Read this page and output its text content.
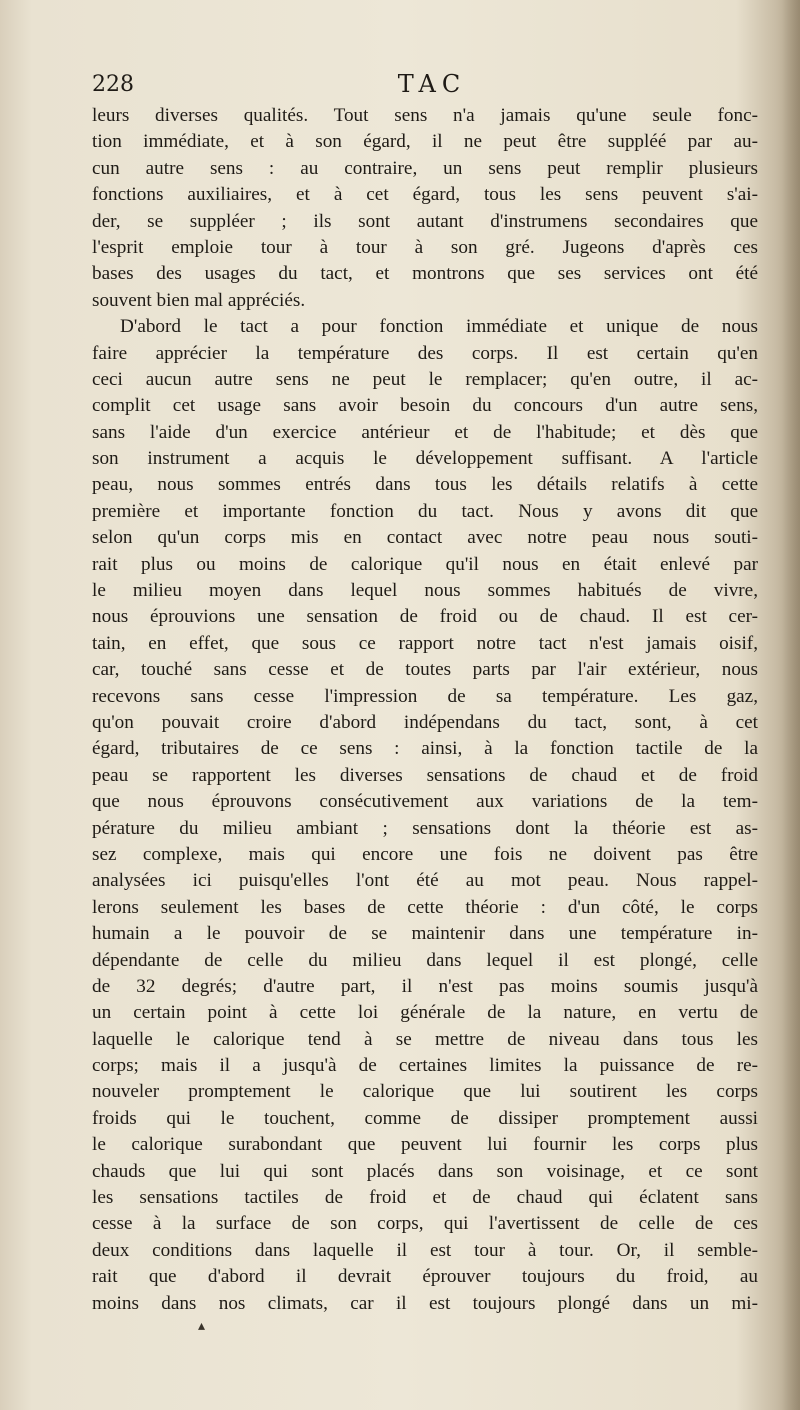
228	TAC
leurs diverses qualités. Tout sens n'a jamais qu'une seule fonc-
tion immédiate, et à son égard, il ne peut être suppléé par au-
cun autre sens : au contraire, un sens peut remplir plusieurs
fonctions auxiliaires, et à cet égard, tous les sens peuvent s'ai-
der, se suppléer ; ils sont autant d'instrumens secondaires que
l'esprit emploie tour à tour à son gré. Jugeons d'après ces
bases des usages du tact, et montrons que ses services ont été
souvent bien mal appréciés.
D'abord le tact a pour fonction immédiate et unique de nous
faire apprécier la température des corps. Il est certain qu'en
ceci aucun autre sens ne peut le remplacer; qu'en outre, il ac-
complit cet usage sans avoir besoin du concours d'un autre sens,
sans l'aide d'un exercice antérieur et de l'habitude; et dès que
son instrument a acquis le développement suffisant. A l'article
peau, nous sommes entrés dans tous les détails relatifs à cette
première et importante fonction du tact. Nous y avons dit que
selon qu'un corps mis en contact avec notre peau nous souti-
rait plus ou moins de calorique qu'il nous en était enlevé par
le milieu moyen dans lequel nous sommes habitués de vivre,
nous éprouvions une sensation de froid ou de chaud. Il est cer-
tain, en effet, que sous ce rapport notre tact n'est jamais oisif,
car, touché sans cesse et de toutes parts par l'air extérieur, nous
recevons sans cesse l'impression de sa température. Les gaz,
qu'on pouvait croire d'abord indépendans du tact, sont, à cet
égard, tributaires de ce sens : ainsi, à la fonction tactile de la
peau se rapportent les diverses sensations de chaud et de froid
que nous éprouvons consécutivement aux variations de la tem-
pérature du milieu ambiant ; sensations dont la théorie est as-
sez complexe, mais qui encore une fois ne doivent pas être
analysées ici puisqu'elles l'ont été au mot peau. Nous rappel-
lerons seulement les bases de cette théorie : d'un côté, le corps
humain a le pouvoir de se maintenir dans une température in-
dépendante de celle du milieu dans lequel il est plongé, celle
de 32 degrés; d'autre part, il n'est pas moins soumis jusqu'à
un certain point à cette loi générale de la nature, en vertu de
laquelle le calorique tend à se mettre de niveau dans tous les
corps; mais il a jusqu'à de certaines limites la puissance de re-
nouveler promptement le calorique que lui soutirent les corps
froids qui le touchent, comme de dissiper promptement aussi
le calorique surabondant que peuvent lui fournir les corps plus
chauds que lui qui sont placés dans son voisinage, et ce sont
les sensations tactiles de froid et de chaud qui éclatent sans
cesse à la surface de son corps, qui l'avertissent de celle de ces
deux conditions dans laquelle il est tour à tour. Or, il semble-
rait que d'abord il devrait éprouver toujours du froid, au
moins dans nos climats, car il est toujours plongé dans un mi-
▴
